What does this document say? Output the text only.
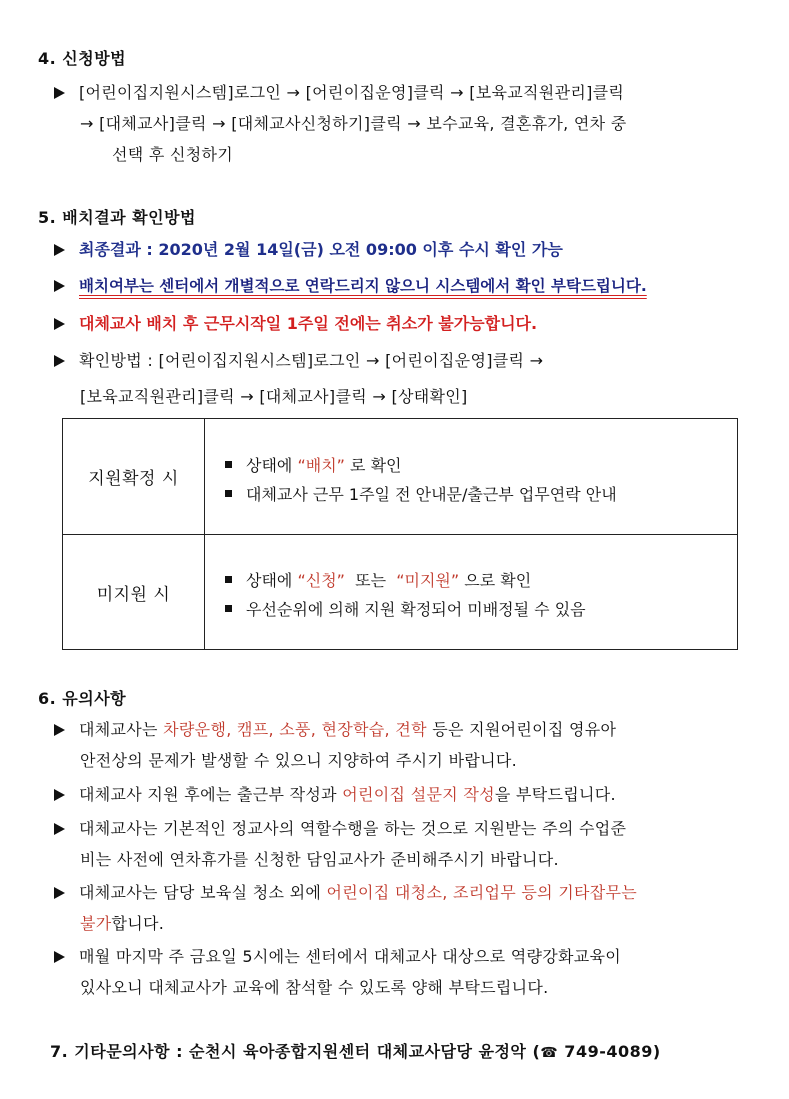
4. 신청방법
[어린이집지원시스템]로그인 → [어린이집운영]클릭 → [보육교직원관리]클릭
→ [대체교사]클릭 → [대체교사신청하기]클릭 → 보수교육, 결혼휴가, 연차 중
선택 후 신청하기
5. 배치결과 확인방법
최종결과 : 2020년 2월 14일(금) 오전 09:00 이후 수시 확인 가능
배치여부는 센터에서 개별적으로 연락드리지 않으니 시스템에서 확인 부탁드립니다.
대체교사 배치 후 근무시작일 1주일 전에는 취소가 불가능합니다.
확인방법 : [어린이집지원시스템]로그인 → [어린이집운영]클릭 →
[보육교직원관리]클릭 → [대체교사]클릭 → [상태확인]
지원확정 시
상태에 “배치” 로 확인
대체교사 근무 1주일 전 안내문/출근부 업무연락 안내
미지원 시
상태에 “신청”  또는  “미지원” 으로 확인
우선순위에 의해 지원 확정되어 미배정될 수 있음
6. 유의사항
대체교사는 차량운행, 캠프, 소풍, 현장학습, 견학 등은 지원어린이집 영유아
안전상의 문제가 발생할 수 있으니 지양하여 주시기 바랍니다.
대체교사 지원 후에는 출근부 작성과 어린이집 설문지 작성을 부탁드립니다.
대체교사는 기본적인 정교사의 역할수행을 하는 것으로 지원받는 주의 수업준
비는 사전에 연차휴가를 신청한 담임교사가 준비해주시기 바랍니다.
대체교사는 담당 보육실 청소 외에 어린이집 대청소, 조리업무 등의 기타잡무는
불가합니다.
매월 마지막 주 금요일 5시에는 센터에서 대체교사 대상으로 역량강화교육이
있사오니 대체교사가 교육에 참석할 수 있도록 양해 부탁드립니다.
7. 기타문의사항 : 순천시 육아종합지원센터 대체교사담당 윤정악 (☎ 749-4089)
